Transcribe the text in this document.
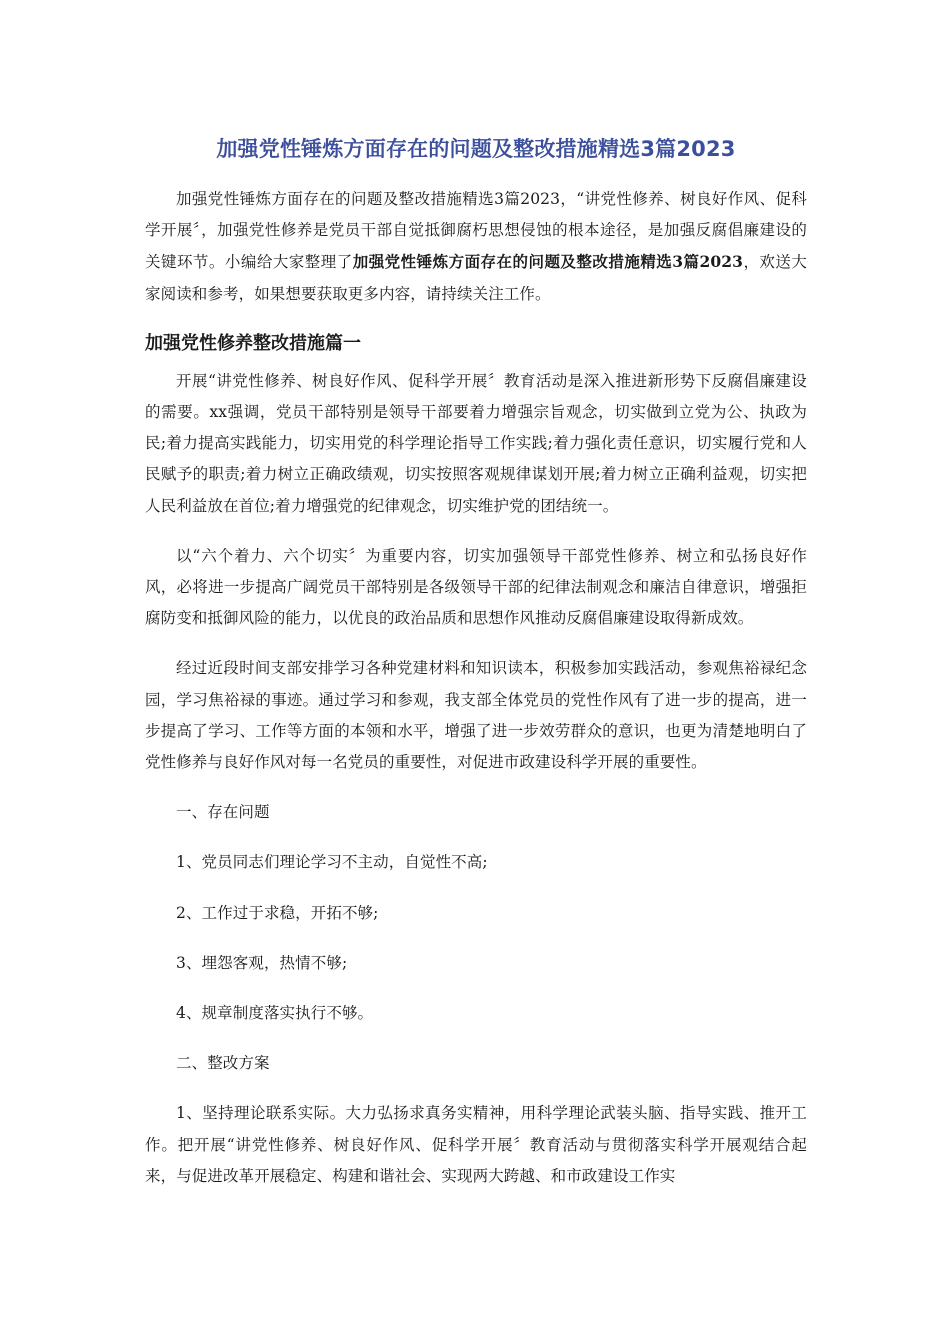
加强党性锤炼方面存在的问题及整改措施精选3篇2023

加强党性锤炼方面存在的问题及整改措施精选3篇2023，“讲党性修养、树良好作风、促科学开展〞，加强党性修养是党员干部自觉抵御腐朽思想侵蚀的根本途径，是加强反腐倡廉建设的关键环节。小编给大家整理了加强党性锤炼方面存在的问题及整改措施精选3篇2023，欢送大家阅读和参考，如果想要获取更多内容，请持续关注工作。

加强党性修养整改措施篇一

开展“讲党性修养、树良好作风、促科学开展〞教育活动是深入推进新形势下反腐倡廉建设的需要。xx强调，党员干部特别是领导干部要着力增强宗旨观念，切实做到立党为公、执政为民;着力提高实践能力，切实用党的科学理论指导工作实践;着力强化责任意识，切实履行党和人民赋予的职责;着力树立正确政绩观，切实按照客观规律谋划开展;着力树立正确利益观，切实把人民利益放在首位;着力增强党的纪律观念，切实维护党的团结统一。

以“六个着力、六个切实〞为重要内容，切实加强领导干部党性修养、树立和弘扬良好作风，必将进一步提高广阔党员干部特别是各级领导干部的纪律法制观念和廉洁自律意识，增强拒腐防变和抵御风险的能力，以优良的政治品质和思想作风推动反腐倡廉建设取得新成效。

经过近段时间支部安排学习各种党建材料和知识读本，积极参加实践活动，参观焦裕禄纪念园，学习焦裕禄的事迹。通过学习和参观，我支部全体党员的党性作风有了进一步的提高，进一步提高了学习、工作等方面的本领和水平，增强了进一步效劳群众的意识，也更为清楚地明白了党性修养与良好作风对每一名党员的重要性，对促进市政建设科学开展的重要性。

一、存在问题

1、党员同志们理论学习不主动，自觉性不高;

2、工作过于求稳，开拓不够;

3、埋怨客观，热情不够;

4、规章制度落实执行不够。

二、整改方案

1、坚持理论联系实际。大力弘扬求真务实精神，用科学理论武装头脑、指导实践、推开工作。把开展“讲党性修养、树良好作风、促科学开展〞教育活动与贯彻落实科学开展观结合起来，与促进改革开展稳定、构建和谐社会、实现两大跨越、和市政建设工作实
